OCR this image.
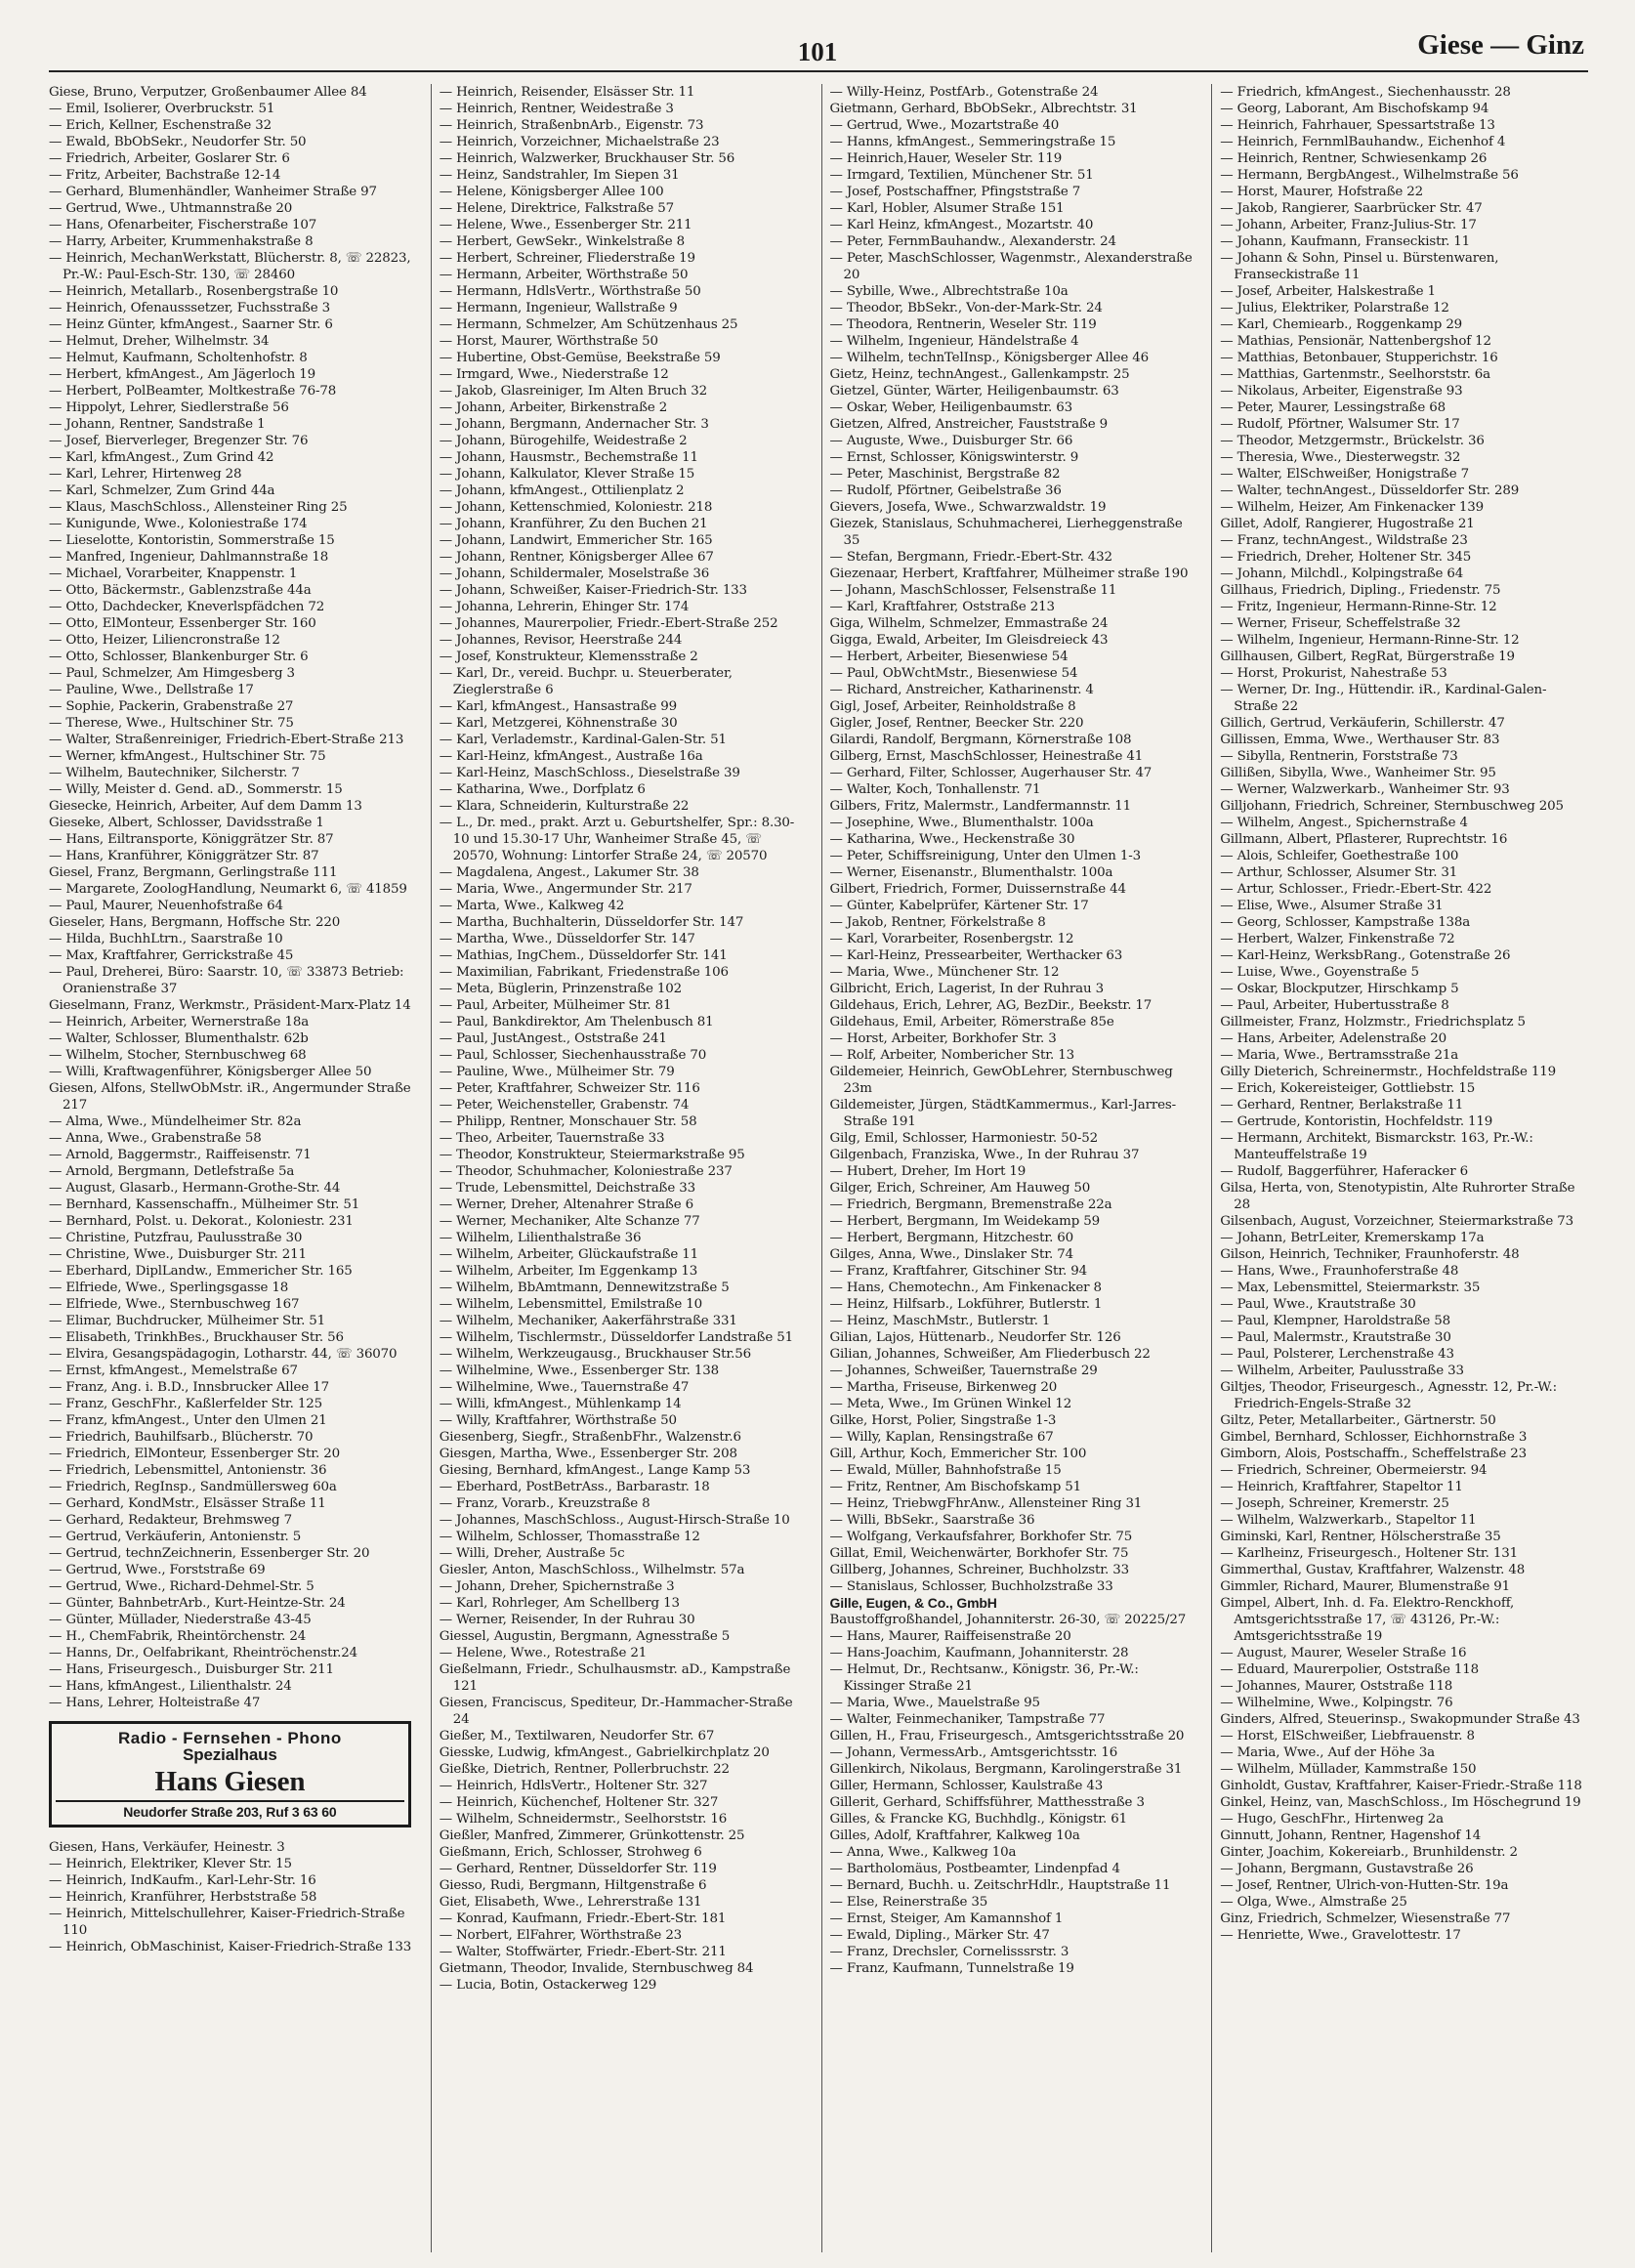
101	Giese — Ginz
Giese, Bruno, Verputzer, Großenbaumer Allee 84
— Emil, Isolierer, Overbruckstr. 51
— Erich, Kellner, Eschenstraße 32
— Ewald, BbObSekr., Neudorfer Str. 50
— Friedrich, Arbeiter, Goslarer Str. 6
— Fritz, Arbeiter, Bachstraße 12-14
— Gerhard, Blumenhändler, Wanheimer Straße 97
— Gertrud, Wwe., Uhtmannstraße 20
— Hans, Ofenarbeiter, Fischerstraße 107
— Harry, Arbeiter, Krummenhakstraße 8
— Heinrich, MechanWerkstatt, Blücherstr. 8, ☏ 22823, Pr.-W.: Paul-Esch-Str. 130, ☏ 28460
— Heinrich, Metallarb., Rosenbergstraße 10
— Heinrich, Ofenausssetzer, Fuchsstraße 3
— Heinz Günter, kfmAngest., Saarner Str. 6
— Helmut, Dreher, Wilhelmstr. 34
— Helmut, Kaufmann, Scholtenhofstr. 8
— Herbert, kfmAngest., Am Jägerloch 19
— Herbert, PolBeamter, Moltkestraße 76-78
— Hippolyt, Lehrer, Siedlerstraße 56
— Johann, Rentner, Sandstraße 1
— Josef, Bierverleger, Bregenzer Str. 76
— Karl, kfmAngest., Zum Grind 42
— Karl, Lehrer, Hirtenweg 28
— Karl, Schmelzer, Zum Grind 44a
— Klaus, MaschSchloss., Allensteiner Ring 25
— Kunigunde, Wwe., Koloniestraße 174
— Lieselotte, Kontoristin, Sommerstraße 15
— Manfred, Ingenieur, Dahlmannstraße 18
— Michael, Vorarbeiter, Knappenstr. 1
— Otto, Bäckermstr., Gablenzstraße 44a
— Otto, Dachdecker, Kneverlspfädchen 72
— Otto, ElMonteur, Essenberger Str. 160
— Otto, Heizer, Liliencronstraße 12
— Otto, Schlosser, Blankenburger Str. 6
— Paul, Schmelzer, Am Himgesberg 3
— Pauline, Wwe., Dellstraße 17
— Sophie, Packerin, Grabenstraße 27
— Therese, Wwe., Hultschiner Str. 75
— Walter, Straßenreiniger, Friedrich-Ebert-Straße 213
— Werner, kfmAngest., Hultschiner Str. 75
— Wilhelm, Bautechniker, Silcherstr. 7
— Willy, Meister d. Gend. aD., Sommerstr. 15
Giesecke, Heinrich, Arbeiter, Auf dem Damm 13
Gieseke, Albert, Schlosser, Davidsstraße 1
— Hans, Eiltransporte, Königgrätzer Str. 87
— Hans, Kranführer, Königgrätzer Str. 87
Giesel, Franz, Bergmann, Gerlingstraße 111
— Margarete, ZoologHandlung, Neumarkt 6, ☏ 41859
— Paul, Maurer, Neuenhofstraße 64
Gieseler, Hans, Bergmann, Hoffsche Str. 220
— Hilda, BuchhLtrn., Saarstraße 10
— Max, Kraftfahrer, Gerrickstraße 45
— Paul, Dreherei, Büro: Saarstr. 10, ☏ 33873 Betrieb: Oranienstraße 37
Gieselmann, Franz, Werkmstr., Präsident-Marx-Platz 14
— Heinrich, Arbeiter, Wernerstraße 18a
— Walter, Schlosser, Blumenthalstr. 62b
— Wilhelm, Stocher, Sternbuschweg 68
— Willi, Kraftwagenführer, Königsberger Allee 50
Giesen, Alfons, StellwObMstr. iR., Angermunder Straße 217
— Alma, Wwe., Mündelheimer Str. 82a
— Anna, Wwe., Grabenstraße 58
— Arnold, Baggermstr., Raiffeisenstr. 71
— Arnold, Bergmann, Detlefstraße 5a
— August, Glasarb., Hermann-Grothe-Str. 44
— Bernhard, Kassenschaffn., Mülheimer Str. 51
— Bernhard, Polst. u. Dekorat., Koloniestr. 231
— Christine, Putzfrau, Paulusstraße 30
— Christine, Wwe., Duisburger Str. 211
— Eberhard, DiplLandw., Emmericher Str. 165
— Elfriede, Wwe., Sperlingsgasse 18
— Elfriede, Wwe., Sternbuschweg 167
— Elimar, Buchdrucker, Mülheimer Str. 51
— Elisabeth, TrinkhBes., Bruckhauser Str. 56
— Elvira, Gesangspädagogin, Lotharstr. 44, ☏ 36070
— Ernst, kfmAngest., Memelstraße 67
— Franz, Ang. i. B.D., Innsbrucker Allee 17
— Franz, GeschFhr., Kaßlerfelder Str. 125
— Franz, kfmAngest., Unter den Ulmen 21
— Friedrich, Bauhilfsarb., Blücherstr. 70
— Friedrich, ElMonteur, Essenberger Str. 20
— Friedrich, Lebensmittel, Antonienstr. 36
— Friedrich, RegInsp., Sandmüllersweg 60a
— Gerhard, KondMstr., Elsässer Straße 11
— Gerhard, Redakteur, Brehmsweg 7
— Gertrud, Verkäuferin, Antonienstr. 5
— Gertrud, technZeichnerin, Essenberger Str. 20
— Gertrud, Wwe., Forststraße 69
— Gertrud, Wwe., Richard-Dehmel-Str. 5
— Günter, BahnbetrArb., Kurt-Heintze-Str. 24
— Günter, Müllader, Niederstraße 43-45
— H., ChemFabrik, Rheintörchenstr. 24
— Hanns, Dr., Oelfabrikant, Rheintröchenstr.24
— Hans, Friseurgesch., Duisburger Str. 211
— Hans, kfmAngest., Lilienthalstr. 24
— Hans, Lehrer, Holteistraße 47
Radio - Fernsehen - Phono
Spezialhaus
Hans Giesen
Neudorfer Straße 203, Ruf 3 63 60
Giesen, Hans, Verkäufer, Heinestr. 3
— Heinrich, Elektriker, Klever Str. 15
— Heinrich, IndKaufm., Karl-Lehr-Str. 16
— Heinrich, Kranführer, Herbststraße 58
— Heinrich, Mittelschullehrer, Kaiser-Friedrich-Straße 110
— Heinrich, ObMaschinist, Kaiser-Friedrich-Straße 133
— Heinrich, Reisender, Elsässer Str. 11
— Heinrich, Rentner, Weidestraße 3
— Heinrich, StraßenbnArb., Eigenstr. 73
— Heinrich, Vorzeichner, Michaelstraße 23
— Heinrich, Walzwerker, Bruckhauser Str. 56
— Heinz, Sandstrahler, Im Siepen 31
— Helene, Königsberger Allee 100
— Helene, Direktrice, Falkstraße 57
— Helene, Wwe., Essenberger Str. 211
— Herbert, GewSekr., Winkelstraße 8
— Herbert, Schreiner, Fliederstraße 19
— Hermann, Arbeiter, Wörthstraße 50
— Hermann, HdlsVertr., Wörthstraße 50
— Hermann, Ingenieur, Wallstraße 9
— Hermann, Schmelzer, Am Schützenhaus 25
— Horst, Maurer, Wörthstraße 50
— Hubertine, Obst-Gemüse, Beekstraße 59
— Irmgard, Wwe., Niederstraße 12
— Jakob, Glasreiniger, Im Alten Bruch 32
— Johann, Arbeiter, Birkenstraße 2
— Johann, Bergmann, Andernacher Str. 3
— Johann, Bürogehilfe, Weidestraße 2
— Johann, Hausmstr., Bechemstraße 11
— Johann, Kalkulator, Klever Straße 15
— Johann, kfmAngest., Ottilienplatz 2
— Johann, Kettenschmied, Koloniestr. 218
— Johann, Kranführer, Zu den Buchen 21
— Johann, Landwirt, Emmericher Str. 165
— Johann, Rentner, Königsberger Allee 67
— Johann, Schildermaler, Moselstraße 36
— Johann, Schweißer, Kaiser-Friedrich-Str. 133
— Johanna, Lehrerin, Ehinger Str. 174
— Johannes, Maurerpolier, Friedr.-Ebert-Straße 252
— Johannes, Revisor, Heerstraße 244
— Josef, Konstrukteur, Klemensstraße 2
— Karl, Dr., vereid. Buchpr. u. Steuerberater, Zieglerstraße 6
— Karl, kfmAngest., Hansastraße 99
— Karl, Metzgerei, Köhnenstraße 30
— Karl, Verlademstr., Kardinal-Galen-Str. 51
— Karl-Heinz, kfmAngest., Austraße 16a
— Karl-Heinz, MaschSchloss., Dieselstraße 39
— Katharina, Wwe., Dorfplatz 6
— Klara, Schneiderin, Kulturstraße 22
— L., Dr. med., prakt. Arzt u. Geburtshelfer, Spr.: 8.30-10 und 15.30-17 Uhr, Wanheimer Straße 45, ☏ 20570, Wohnung: Lintorfer Straße 24, ☏ 20570
— Magdalena, Angest., Lakumer Str. 38
— Maria, Wwe., Angermunder Str. 217
— Marta, Wwe., Kalkweg 42
— Martha, Buchhalterin, Düsseldorfer Str. 147
— Martha, Wwe., Düsseldorfer Str. 147
— Mathias, IngChem., Düsseldorfer Str. 141
— Maximilian, Fabrikant, Friedenstraße 106
— Meta, Büglerin, Prinzenstraße 102
— Paul, Arbeiter, Mülheimer Str. 81
— Paul, Bankdirektor, Am Thelenbusch 81
— Paul, JustAngest., Oststraße 241
— Paul, Schlosser, Siechenhausstraße 70
— Pauline, Wwe., Mülheimer Str. 79
— Peter, Kraftfahrer, Schweizer Str. 116
— Peter, Weichensteller, Grabenstr. 74
— Philipp, Rentner, Monschauer Str. 58
— Theo, Arbeiter, Tauernstraße 33
— Theodor, Konstrukteur, Steiermarkstraße 95
— Theodor, Schuhmacher, Koloniestraße 237
— Trude, Lebensmittel, Deichstraße 33
— Werner, Dreher, Altenahrer Straße 6
— Werner, Mechaniker, Alte Schanze 77
— Wilhelm, Lilienthalstraße 36
— Wilhelm, Arbeiter, Glückaufstraße 11
— Wilhelm, Arbeiter, Im Eggenkamp 13
— Wilhelm, BbAmtmann, Dennewitzstraße 5
— Wilhelm, Lebensmittel, Emilstraße 10
— Wilhelm, Mechaniker, Aakerfährstraße 331
— Wilhelm, Tischlermstr., Düsseldorfer Landstraße 51
— Wilhelm, Werkzeugausg., Bruckhauser Str.56
— Wilhelmine, Wwe., Essenberger Str. 138
— Wilhelmine, Wwe., Tauernstraße 47
— Willi, kfmAngest., Mühlenkamp 14
— Willy, Kraftfahrer, Wörthstraße 50
Giesenberg, Siegfr., StraßenbFhr., Walzenstr.6
Giesgen, Martha, Wwe., Essenberger Str. 208
Giesing, Bernhard, kfmAngest., Lange Kamp 53
— Eberhard, PostBetrAss., Barbarastr. 18
— Franz, Vorarb., Kreuzstraße 8
— Johannes, MaschSchloss., August-Hirsch-Straße 10
— Wilhelm, Schlosser, Thomasstraße 12
— Willi, Dreher, Austraße 5c
Giesler, Anton, MaschSchloss., Wilhelmstr. 57a
— Johann, Dreher, Spichernstraße 3
— Karl, Rohrleger, Am Schellberg 13
— Werner, Reisender, In der Ruhrau 30
Giessel, Augustin, Bergmann, Agnesstraße 5
— Helene, Wwe., Rotestraße 21
Gießelmann, Friedr., Schulhausmstr. aD., Kampstraße 121
Giesen, Franciscus, Spediteur, Dr.-Hammacher-Straße 24
Gießer, M., Textilwaren, Neudorfer Str. 67
Giesske, Ludwig, kfmAngest., Gabrielkirchplatz 20
Gießke, Dietrich, Rentner, Pollerbruchstr. 22
— Heinrich, HdlsVertr., Holtener Str. 327
— Heinrich, Küchenchef, Holtener Str. 327
— Wilhelm, Schneidermstr., Seelhorststr. 16
Gießler, Manfred, Zimmerer, Grünkottenstr. 25
Gießmann, Erich, Schlosser, Strohweg 6
— Gerhard, Rentner, Düsseldorfer Str. 119
Giesso, Rudi, Bergmann, Hiltgenstraße 6
Giet, Elisabeth, Wwe., Lehrerstraße 131
— Konrad, Kaufmann, Friedr.-Ebert-Str. 181
— Norbert, ElFahrer, Wörthstraße 23
— Walter, Stoffwärter, Friedr.-Ebert-Str. 211
Gietmann, Theodor, Invalide, Sternbuschweg 84
— Lucia, Botin, Ostackerweg 129
— Willy-Heinz, PostfArb., Gotenstraße 24
Gietmann, Gerhard, BbObSekr., Albrechtstr. 31
— Gertrud, Wwe., Mozartstraße 40
— Hanns, kfmAngest., Semmeringstraße 15
— Heinrich,Hauer, Weseler Str. 119
— Irmgard, Textilien, Münchener Str. 51
— Josef, Postschaffner, Pfingststraße 7
— Karl, Hobler, Alsumer Straße 151
— Karl Heinz, kfmAngest., Mozartstr. 40
— Peter, FernmBauhandw., Alexanderstr. 24
— Peter, MaschSchlosser, Wagenmstr., Alexanderstraße 20
— Sybille, Wwe., Albrechtstraße 10a
— Theodor, BbSekr., Von-der-Mark-Str. 24
— Theodora, Rentnerin, Weseler Str. 119
— Wilhelm, Ingenieur, Händelstraße 4
— Wilhelm, technTelInsp., Königsberger Allee 46
Gietz, Heinz, technAngest., Gallenkampstr. 25
Gietzel, Günter, Wärter, Heiligenbaumstr. 63
— Oskar, Weber, Heiligenbaumstr. 63
Gietzen, Alfred, Anstreicher, Fauststraße 9
— Auguste, Wwe., Duisburger Str. 66
— Ernst, Schlosser, Königswinterstr. 9
— Peter, Maschinist, Bergstraße 82
— Rudolf, Pförtner, Geibelstraße 36
Gievers, Josefa, Wwe., Schwarzwaldstr. 19
Giezek, Stanislaus, Schuhmacherei, Lierheggenstraße 35
— Stefan, Bergmann, Friedr.-Ebert-Str. 432
Giezenaar, Herbert, Kraftfahrer, Mülheimer straße 190
— Johann, MaschSchlosser, Felsenstraße 11
— Karl, Kraftfahrer, Oststraße 213
Giga, Wilhelm, Schmelzer, Emmastraße 24
Gigga, Ewald, Arbeiter, Im Gleisdreieck 43
— Herbert, Arbeiter, Biesenwiese 54
— Paul, ObWchtMstr., Biesenwiese 54
— Richard, Anstreicher, Katharinenstr. 4
Gigl, Josef, Arbeiter, Reinholdstraße 8
Gigler, Josef, Rentner, Beecker Str. 220
Gilardi, Randolf, Bergmann, Körnerstraße 108
Gilberg, Ernst, MaschSchlosser, Heinestraße 41
— Gerhard, Filter, Schlosser, Augerhauser Str. 47
— Walter, Koch, Tonhallenstr. 71
Gilbers, Fritz, Malermstr., Landfermannstr. 11
— Josephine, Wwe., Blumenthalstr. 100a
— Katharina, Wwe., Heckenstraße 30
— Peter, Schiffsreinigung, Unter den Ulmen 1-3
— Werner, Eisenanstr., Blumenthalstr. 100a
Gilbert, Friedrich, Former, Duissernstraße 44
— Günter, Kabelprüfer, Kärtener Str. 17
— Jakob, Rentner, Förkelstraße 8
— Karl, Vorarbeiter, Rosenbergstr. 12
— Karl-Heinz, Pressearbeiter, Werthacker 63
— Maria, Wwe., Münchener Str. 12
Gilbricht, Erich, Lagerist, In der Ruhrau 3
Gildehaus, Erich, Lehrer, AG, BezDir., Beekstr. 17
Gildehaus, Emil, Arbeiter, Römerstraße 85e
— Horst, Arbeiter, Borkhofer Str. 3
— Rolf, Arbeiter, Nombericher Str. 13
Gildemeier, Heinrich, GewObLehrer, Sternbuschweg 23m
Gildemeister, Jürgen, StädtKammermus., Karl-Jarres-Straße 191
Gilg, Emil, Schlosser, Harmoniestr. 50-52
Gilgenbach, Franziska, Wwe., In der Ruhrau 37
— Hubert, Dreher, Im Hort 19
Gilger, Erich, Schreiner, Am Hauweg 50
— Friedrich, Bergmann, Bremenstraße 22a
— Herbert, Bergmann, Im Weidekamp 59
— Herbert, Bergmann, Hitzchestr. 60
Gilges, Anna, Wwe., Dinslaker Str. 74
— Franz, Kraftfahrer, Gitschiner Str. 94
— Hans, Chemotechn., Am Finkenacker 8
— Heinz, Hilfsarb., Lokführer, Butlerstr. 1
— Heinz, MaschMstr., Butlerstr. 1
Gilian, Lajos, Hüttenarb., Neudorfer Str. 126
Gilian, Johannes, Schweißer, Am Fliederbusch 22
— Johannes, Schweißer, Tauernstraße 29
— Martha, Friseuse, Birkenweg 20
— Meta, Wwe., Im Grünen Winkel 12
Gilke, Horst, Polier, Singstraße 1-3
— Willy, Kaplan, Rensingstraße 67
Gill, Arthur, Koch, Emmericher Str. 100
— Ewald, Müller, Bahnhofstraße 15
— Fritz, Rentner, Am Bischofskamp 51
— Heinz, TriebwgFhrAnw., Allensteiner Ring 31
— Willi, BbSekr., Saarstraße 36
— Wolfgang, Verkaufsfahrer, Borkhofer Str. 75
Gillat, Emil, Weichenwärter, Borkhofer Str. 75
Gillberg, Johannes, Schreiner, Buchholzstr. 33
— Stanislaus, Schlosser, Buchholzstraße 33
Gille, Eugen, & Co., GmbH
Baustoffgroßhandel, Johanniterstr. 26-30, ☏ 20225/27
— Hans, Maurer, Raiffeisenstraße 20
— Hans-Joachim, Kaufmann, Johanniterstr. 28
— Helmut, Dr., Rechtsanw., Königstr. 36, Pr.-W.: Kissinger Straße 21
— Maria, Wwe., Mauelstraße 95
— Walter, Feinmechaniker, Tampstraße 77
Gillen, H., Frau, Friseurgesch., Amtsgerichtsstraße 20
— Johann, VermessArb., Amtsgerichtsstr. 16
Gillenkirch, Nikolaus, Bergmann, Karolingerstraße 31
Giller, Hermann, Schlosser, Kaulstraße 43
Gillerit, Gerhard, Schiffsführer, Matthesstraße 3
Gilles, & Francke KG, Buchhdlg., Königstr. 61
Gilles, Adolf, Kraftfahrer, Kalkweg 10a
— Anna, Wwe., Kalkweg 10a
— Bartholomäus, Postbeamter, Lindenpfad 4
— Bernard, Buchh. u. ZeitschrHdlr., Hauptstraße 11
— Else, Reinerstraße 35
— Ernst, Steiger, Am Kamannshof 1
— Ewald, Dipling., Märker Str. 47
— Franz, Drechsler, Cornelisssrstr. 3
— Franz, Kaufmann, Tunnelstraße 19
— Friedrich, kfmAngest., Siechenhausstr. 28
— Georg, Laborant, Am Bischofskamp 94
— Heinrich, Fahrhauer, Spessartstraße 13
— Heinrich, FernmlBauhandw., Eichenhof 4
— Heinrich, Rentner, Schwiesenkamp 26
— Hermann, BergbAngest., Wilhelmstraße 56
— Horst, Maurer, Hofstraße 22
— Jakob, Rangierer, Saarbrücker Str. 47
— Johann, Arbeiter, Franz-Julius-Str. 17
— Johann, Kaufmann, Franseckistr. 11
— Johann & Sohn, Pinsel u. Bürstenwaren, Franseckistraße 11
— Josef, Arbeiter, Halskestraße 1
— Julius, Elektriker, Polarstraße 12
— Karl, Chemiearb., Roggenkamp 29
— Mathias, Pensionär, Nattenbergshof 12
— Matthias, Betonbauer, Stupperichstr. 16
— Matthias, Gartenmstr., Seelhorststr. 6a
— Nikolaus, Arbeiter, Eigenstraße 93
— Peter, Maurer, Lessingstraße 68
— Rudolf, Pförtner, Walsumer Str. 17
— Theodor, Metzgermstr., Brückelstr. 36
— Theresia, Wwe., Diesterwegstr. 32
— Walter, ElSchweißer, Honigstraße 7
— Walter, technAngest., Düsseldorfer Str. 289
— Wilhelm, Heizer, Am Finkenacker 139
Gillet, Adolf, Rangierer, Hugostraße 21
— Franz, technAngest., Wildstraße 23
— Friedrich, Dreher, Holtener Str. 345
— Johann, Milchdl., Kolpingstraße 64
Gillhaus, Friedrich, Dipling., Friedenstr. 75
— Fritz, Ingenieur, Hermann-Rinne-Str. 12
— Werner, Friseur, Scheffelstraße 32
— Wilhelm, Ingenieur, Hermann-Rinne-Str. 12
Gillhausen, Gilbert, RegRat, Bürgerstraße 19
— Horst, Prokurist, Nahestraße 53
— Werner, Dr. Ing., Hüttendir. iR., Kardinal-Galen-Straße 22
Gillich, Gertrud, Verkäuferin, Schillerstr. 47
Gillissen, Emma, Wwe., Werthauser Str. 83
— Sibylla, Rentnerin, Forststraße 73
Gillißen, Sibylla, Wwe., Wanheimer Str. 95
— Werner, Walzwerkarb., Wanheimer Str. 93
Gilljohann, Friedrich, Schreiner, Sternbuschweg 205
— Wilhelm, Angest., Spichernstraße 4
Gillmann, Albert, Pflasterer, Ruprechtstr. 16
— Alois, Schleifer, Goethestraße 100
— Arthur, Schlosser, Alsumer Str. 31
— Artur, Schlosser., Friedr.-Ebert-Str. 422
— Elise, Wwe., Alsumer Straße 31
— Georg, Schlosser, Kampstraße 138a
— Herbert, Walzer, Finkenstraße 72
— Karl-Heinz, WerksbRang., Gotenstraße 26
— Luise, Wwe., Goyenstraße 5
— Oskar, Blockputzer, Hirschkamp 5
— Paul, Arbeiter, Hubertusstraße 8
Gillmeister, Franz, Holzmstr., Friedrichsplatz 5
— Hans, Arbeiter, Adelenstraße 20
— Maria, Wwe., Bertramsstraße 21a
Gilly Dieterich, Schreinermstr., Hochfeldstraße 119
— Erich, Kokereisteiger, Gottliebstr. 15
— Gerhard, Rentner, Berlakstraße 11
— Gertrude, Kontoristin, Hochfeldstr. 119
— Hermann, Architekt, Bismarckstr. 163, Pr.-W.: Manteuffelstraße 19
— Rudolf, Baggerführer, Haferacker 6
Gilsa, Herta, von, Stenotypistin, Alte Ruhrorter Straße 28
Gilsenbach, August, Vorzeichner, Steiermarkstraße 73
— Johann, BetrLeiter, Kremerskamp 17a
Gilson, Heinrich, Techniker, Fraunhoferstr. 48
— Hans, Wwe., Fraunhoferstraße 48
— Max, Lebensmittel, Steiermarkstr. 35
— Paul, Wwe., Krautstraße 30
— Paul, Klempner, Haroldstraße 58
— Paul, Malermstr., Krautstraße 30
— Paul, Polsterer, Lerchenstraße 43
— Wilhelm, Arbeiter, Paulusstraße 33
Giltjes, Theodor, Friseurgesch., Agnesstr. 12, Pr.-W.: Friedrich-Engels-Straße 32
Giltz, Peter, Metallarbeiter., Gärtnerstr. 50
Gimbel, Bernhard, Schlosser, Eichhornstraße 3
Gimborn, Alois, Postschaffn., Scheffelstraße 23
— Friedrich, Schreiner, Obermeierstr. 94
— Heinrich, Kraftfahrer, Stapeltor 11
— Joseph, Schreiner, Kremerstr. 25
— Wilhelm, Walzwerkarb., Stapeltor 11
Giminski, Karl, Rentner, Hölscherstraße 35
— Karlheinz, Friseurgesch., Holtener Str. 131
Gimmerthal, Gustav, Kraftfahrer, Walzenstr. 48
Gimmler, Richard, Maurer, Blumenstraße 91
Gimpel, Albert, Inh. d. Fa. Elektro-Renckhoff, Amtsgerichtsstraße 17, ☏ 43126, Pr.-W.: Amtsgerichtsstraße 19
— August, Maurer, Weseler Straße 16
— Eduard, Maurerpolier, Oststraße 118
— Johannes, Maurer, Oststraße 118
— Wilhelmine, Wwe., Kolpingstr. 76
Ginders, Alfred, Steuerinsp., Swakopmunder Straße 43
— Horst, ElSchweißer, Liebfrauenstr. 8
— Maria, Wwe., Auf der Höhe 3a
— Wilhelm, Müllader, Kammstraße 150
Ginholdt, Gustav, Kraftfahrer, Kaiser-Friedr.-Straße 118
Ginkel, Heinz, van, MaschSchloss., Im Höschegrund 19
— Hugo, GeschFhr., Hirtenweg 2a
Ginnutt, Johann, Rentner, Hagenshof 14
Ginter, Joachim, Kokereiarb., Brunhildenstr. 2
— Johann, Bergmann, Gustavstraße 26
— Josef, Rentner, Ulrich-von-Hutten-Str. 19a
— Olga, Wwe., Almstraße 25
Ginz, Friedrich, Schmelzer, Wiesenstraße 77
— Henriette, Wwe., Gravelottestr. 17
